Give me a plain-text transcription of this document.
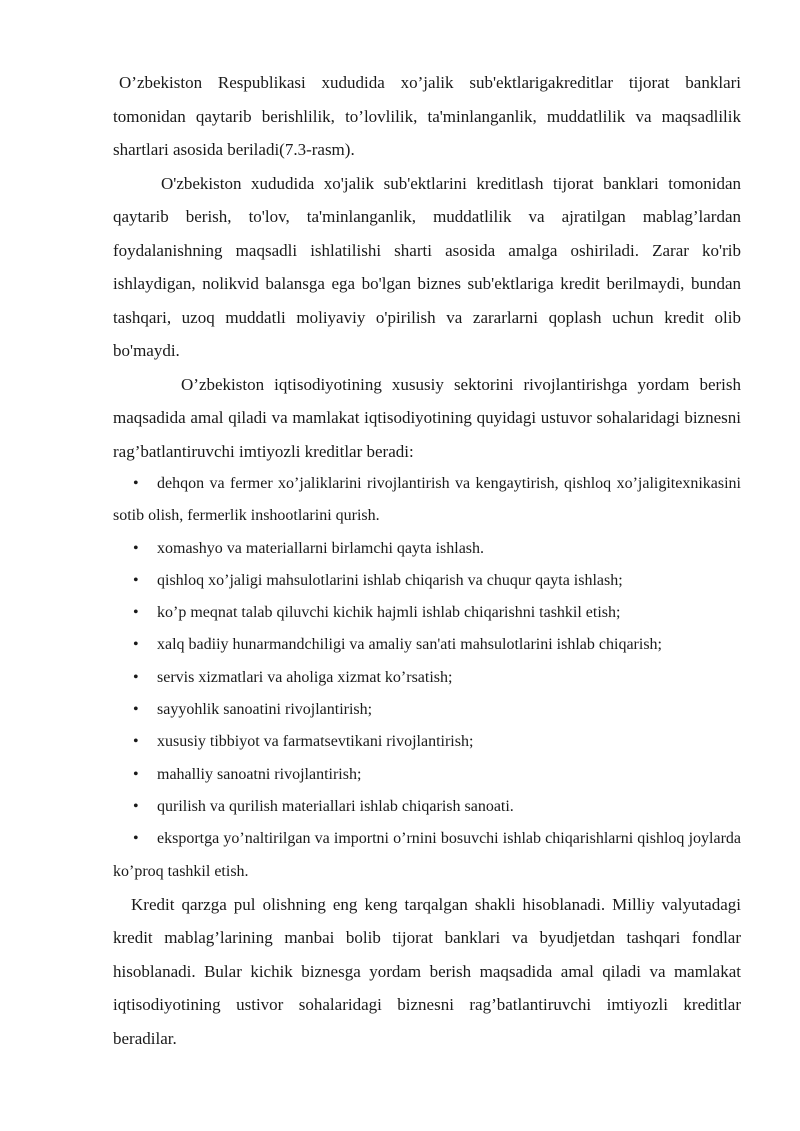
O’zbekiston Respublikasi xududida xo’jalik sub'ektlarigakreditlar tijorat banklari tomonidan qaytarib berishlilik, to’lovlilik, ta'minlanganlik, muddatlilik va maqsadlilik shartlari asosida beriladi(7.3-rasm).

O'zbekiston xududida xo'jalik sub'ektlarini kreditlash tijorat banklari tomonidan qaytarib berish, to'lov, ta'minlanganlik, muddatlilik va ajratilgan mablag’lardan foydalanishning maqsadli ishlatilishi sharti asosida amalga oshiriladi. Zarar ko'rib ishlaydigan, nolikvid balansga ega bo'lgan biznes sub'ektlariga kredit berilmaydi, bundan tashqari, uzoq muddatli moliyaviy o'pirilish va zararlarni qoplash uchun kredit olib bo'maydi.

O’zbekiston iqtisodiyotining xususiy sektorini rivojlantirishga yordam berish maqsadida amal qiladi va mamlakat iqtisodiyotining quyidagi ustuvor sohalaridagi biznesni rag’batlantiruvchi imtiyozli kreditlar beradi:

• dehqon va fermer xo’jaliklarini rivojlantirish va kengaytirish, qishloq xo’jaligitexnikasini sotib olish, fermerlik inshootlarini qurish.
• xomashyo va materiallarni birlamchi qayta ishlash.
• qishloq xo’jaligi mahsulotlarini ishlab chiqarish va chuqur qayta ishlash;
• ko’p meqnat talab qiluvchi kichik hajmli ishlab chiqarishni tashkil etish;
• xalq badiiy hunarmandchiligi va amaliy san'ati mahsulotlarini ishlab chiqarish;
• servis xizmatlari va aholiga xizmat ko’rsatish;
• sayyohlik sanoatini rivojlantirish;
• xususiy tibbiyot va farmatsevtikani rivojlantirish;
• mahalliy sanoatni rivojlantirish;
• qurilish va qurilish materiallari ishlab chiqarish sanoati.
• eksportga yo’naltirilgan va importni o’rnini bosuvchi ishlab chiqarishlarni qishloq joylarda ko’proq tashkil etish.

Kredit qarzga pul olishning eng keng tarqalgan shakli hisoblanadi. Milliy valyutadagi kredit mablag’larining manbai bolib tijorat banklari va byudjetdan tashqari fondlar hisoblanadi. Bular kichik biznesga yordam berish maqsadida amal qiladi va mamlakat iqtisodiyotining ustivor sohalaridagi biznesni rag’batlantiruvchi imtiyozli kreditlar beradilar.
